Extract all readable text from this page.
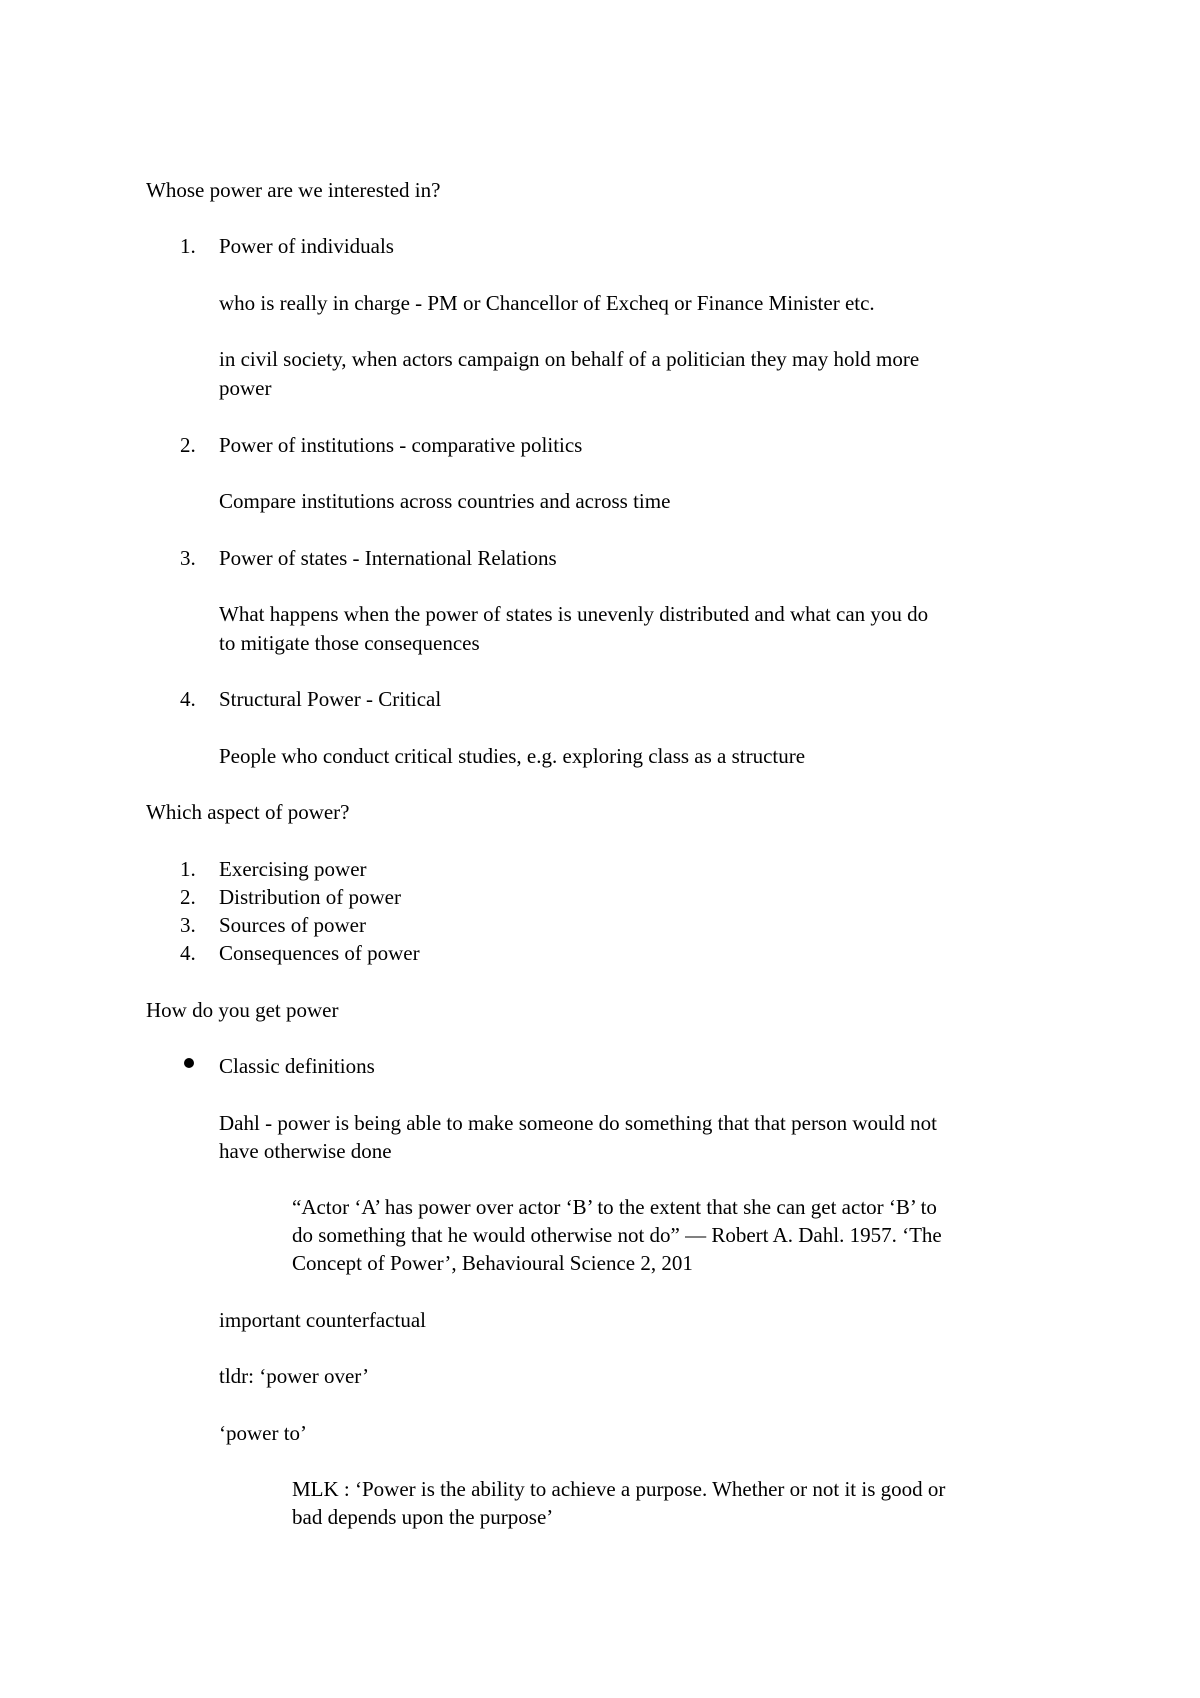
Whose power are we interested in?
1.	Power of individuals
who is really in charge - PM or Chancellor of Excheq or Finance Minister etc.
in civil society, when actors campaign on behalf of a politician they may hold more
power
2.	Power of institutions - comparative politics
Compare institutions across countries and across time
3.	Power of states - International Relations
What happens when the power of states is unevenly distributed and what can you do
to mitigate those consequences
4.	Structural Power - Critical
People who conduct critical studies, e.g. exploring class as a structure
Which aspect of power?
1.	Exercising power
2.	Distribution of power
3.	Sources of power
4.	Consequences of power
How do you get power
Classic definitions
Dahl - power is being able to make someone do something that that person would not
have otherwise done
“Actor ‘A’ has power over actor ‘B’ to the extent that she can get actor ‘B’ to
do something that he would otherwise not do” — Robert A. Dahl. 1957. ‘The
Concept of Power’, Behavioural Science 2, 201
important counterfactual
tldr: ‘power over’
‘power to’
MLK : ‘Power is the ability to achieve a purpose. Whether or not it is good or
bad depends upon the purpose’
